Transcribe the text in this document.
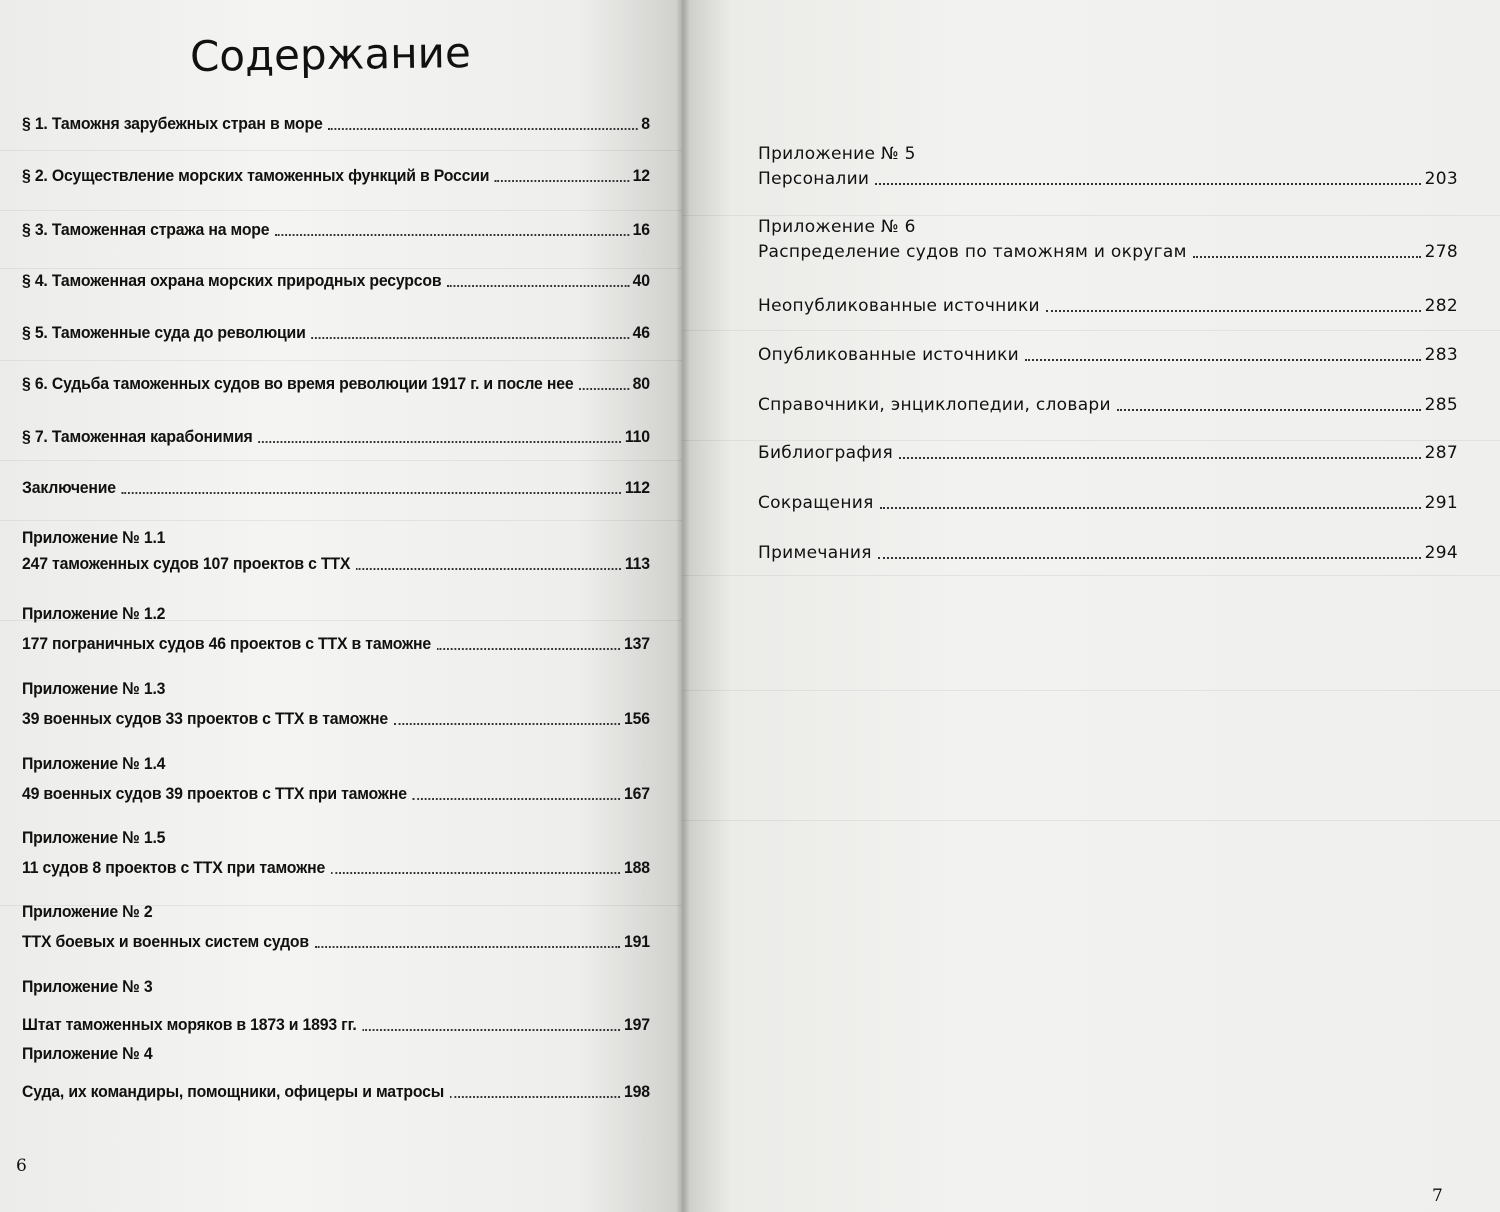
Содержание
§ 1. Таможня зарубежных стран в море	8
§ 2. Осуществление морских таможенных функций в России	12
§ 3. Таможенная стража на море	16
§ 4. Таможенная охрана морских природных ресурсов	40
§ 5. Таможенные суда до революции	46
§ 6. Судьба таможенных судов во время революции 1917 г. и после нее	80
§ 7. Таможенная карабонимия	110
Заключение	112
Приложение № 1.1
247 таможенных судов 107 проектов с ТТХ	113
Приложение № 1.2
177 пограничных судов 46 проектов с ТТХ в таможне	137
Приложение № 1.3
39 военных судов 33 проектов с ТТХ в таможне	156
Приложение № 1.4
49 военных судов 39 проектов с ТТХ при таможне	167
Приложение № 1.5
11 судов 8 проектов с ТТХ при таможне	188
Приложение № 2
ТТХ боевых и военных систем судов	191
Приложение № 3
Штат таможенных моряков в 1873 и 1893 гг.	197
Приложение № 4
Суда, их командиры, помощники, офицеры и матросы	198
6
Приложение № 5
Персоналии	203
Приложение № 6
Распределение судов по таможням и округам	278
Неопубликованные источники	282
Опубликованные источники	283
Справочники, энциклопедии, словари	285
Библиография	287
Сокращения	291
Примечания	294
7
